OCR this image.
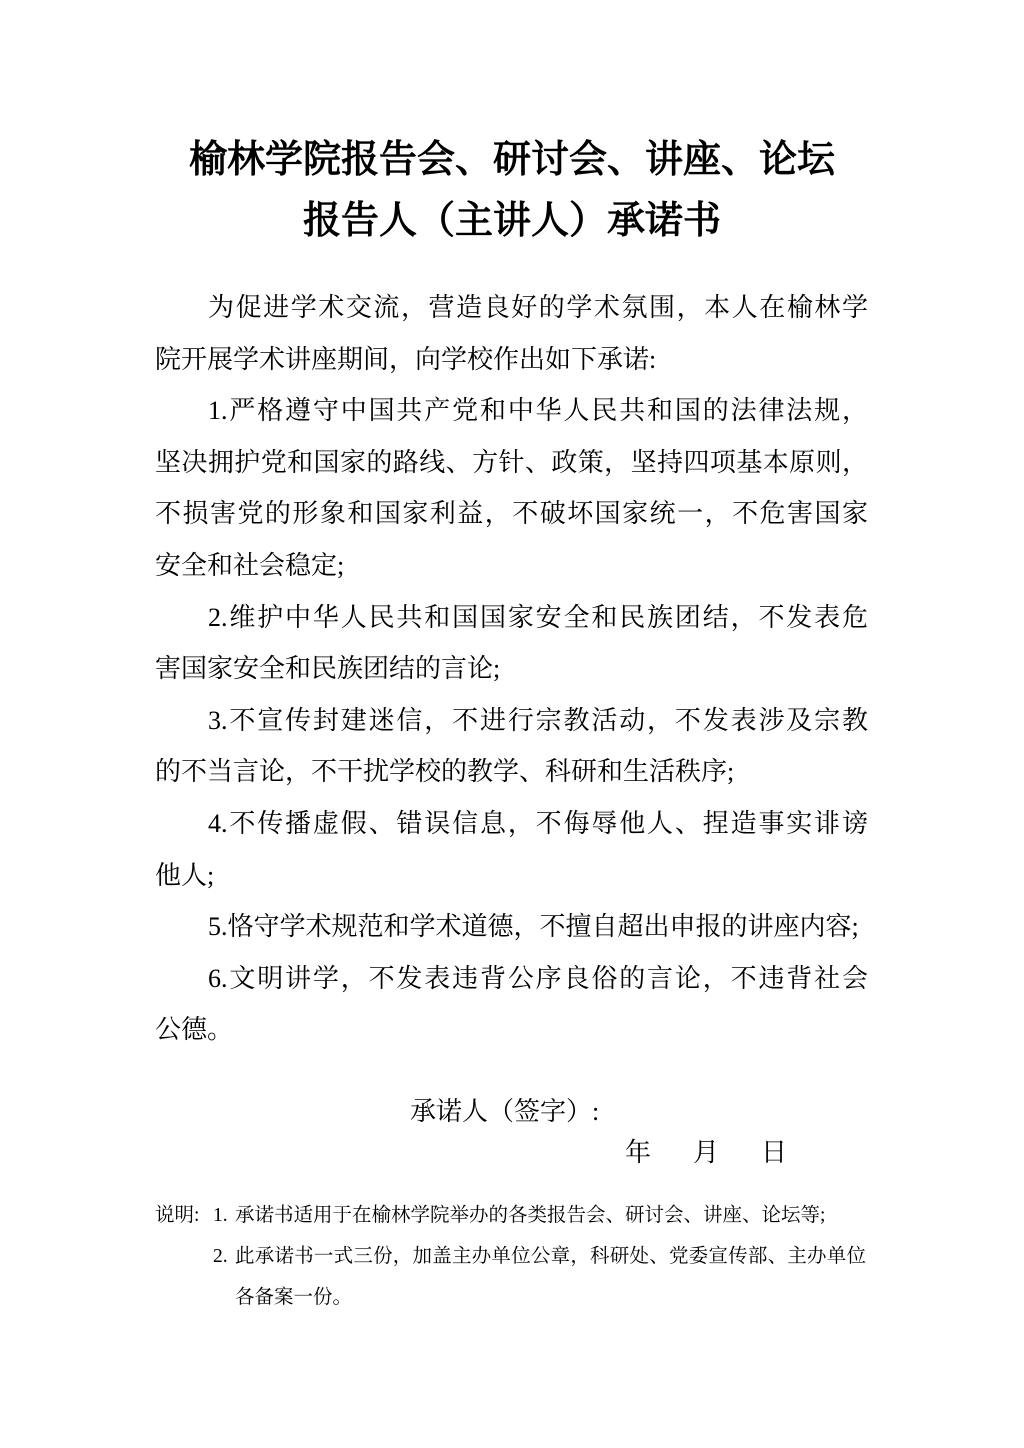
榆林学院报告会、研讨会、讲座、论坛
报告人（主讲人）承诺书
为促进学术交流，营造良好的学术氛围，本人在榆林学
院开展学术讲座期间，向学校作出如下承诺:
1.严格遵守中国共产党和中华人民共和国的法律法规，
坚决拥护党和国家的路线、方针、政策，坚持四项基本原则，
不损害党的形象和国家利益，不破坏国家统一，不危害国家
安全和社会稳定;
2.维护中华人民共和国国家安全和民族团结，不发表危
害国家安全和民族团结的言论;
3.不宣传封建迷信，不进行宗教活动，不发表涉及宗教
的不当言论，不干扰学校的教学、科研和生活秩序;
4.不传播虚假、错误信息，不侮辱他人、捏造事实诽谤
他人;
5.恪守学术规范和学术道德，不擅自超出申报的讲座内容;
6.文明讲学，不发表违背公序良俗的言论，不违背社会
公德。
承诺人（签字）:
年 月 日
说明: 1. 承诺书适用于在榆林学院举办的各类报告会、研讨会、讲座、论坛等;
2. 此承诺书一式三份，加盖主办单位公章，科研处、党委宣传部、主办单位
各备案一份。
